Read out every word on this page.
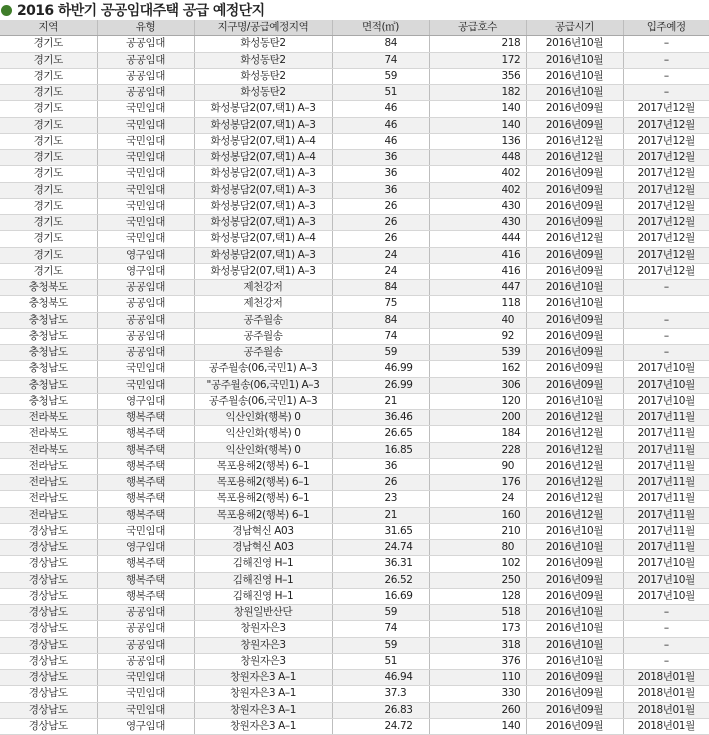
2016 하반기 공공임대주택 공급 예정단지
지역	유형	지구명/공급예정지역	면적(㎡)	공급호수	공급시기	입주예정
경기도	공공임대	화성동탄2	84	218	2016년10월	–
경기도	공공임대	화성동탄2	74	172	2016년10월	–
경기도	공공임대	화성동탄2	59	356	2016년10월	–
경기도	공공임대	화성동탄2	51	182	2016년10월	–
경기도	국민임대	화성봉담2(07,택1) A–3	46	140	2016년09월	2017년12월
경기도	국민임대	화성봉담2(07,택1) A–3	46	140	2016년09월	2017년12월
경기도	국민임대	화성봉담2(07,택1) A–4	46	136	2016년12월	2017년12월
경기도	국민임대	화성봉담2(07,택1) A–4	36	448	2016년12월	2017년12월
경기도	국민임대	화성봉담2(07,택1) A–3	36	402	2016년09월	2017년12월
경기도	국민임대	화성봉담2(07,택1) A–3	36	402	2016년09월	2017년12월
경기도	국민임대	화성봉담2(07,택1) A–3	26	430	2016년09월	2017년12월
경기도	국민임대	화성봉담2(07,택1) A–3	26	430	2016년09월	2017년12월
경기도	국민임대	화성봉담2(07,택1) A–4	26	444	2016년12월	2017년12월
경기도	영구임대	화성봉담2(07,택1) A–3	24	416	2016년09월	2017년12월
경기도	영구임대	화성봉담2(07,택1) A–3	24	416	2016년09월	2017년12월
충청북도	공공임대	제천강저	84	447	2016년10월	–
충청북도	공공임대	제천강저	75	118	2016년10월	
충청남도	공공임대	공주월송	84	40	2016년09월	–
충청남도	공공임대	공주월송	74	92	2016년09월	–
충청남도	공공임대	공주월송	59	539	2016년09월	–
충청남도	국민임대	공주월송(06,국민1) A–3	46.99	162	2016년09월	2017년10월
충청남도	국민임대	"공주월송(06,국민1) A–3	26.99	306	2016년09월	2017년10월
충청남도	영구임대	공주월송(06,국민1) A–3	21	120	2016년10월	2017년10월
전라북도	행복주택	익산인화(행복) 0	36.46	200	2016년12월	2017년11월
전라북도	행복주택	익산인화(행복) 0	26.65	184	2016년12월	2017년11월
전라북도	행복주택	익산인화(행복) 0	16.85	228	2016년12월	2017년11월
전라남도	행복주택	목포용해2(행복) 6–1	36	90	2016년12월	2017년11월
전라남도	행복주택	목포용해2(행복) 6–1	26	176	2016년12월	2017년11월
전라남도	행복주택	목포용해2(행복) 6–1	23	24	2016년12월	2017년11월
전라남도	행복주택	목포용해2(행복) 6–1	21	160	2016년12월	2017년11월
경상남도	국민임대	경남혁신 A03	31.65	210	2016년10월	2017년11월
경상남도	영구임대	경남혁신 A03	24.74	80	2016년10월	2017년11월
경상남도	행복주택	김해진영 H–1	36.31	102	2016년09월	2017년10월
경상남도	행복주택	김해진영 H–1	26.52	250	2016년09월	2017년10월
경상남도	행복주택	김해진영 H–1	16.69	128	2016년09월	2017년10월
경상남도	공공임대	창원일반산단	59	518	2016년10월	–
경상남도	공공임대	창원자은3	74	173	2016년10월	–
경상남도	공공임대	창원자은3	59	318	2016년10월	–
경상남도	공공임대	창원자은3	51	376	2016년10월	–
경상남도	국민임대	창원자은3 A–1	46.94	110	2016년09월	2018년01월
경상남도	국민임대	창원자은3 A–1	37.3	330	2016년09월	2018년01월
경상남도	국민임대	창원자은3 A–1	26.83	260	2016년09월	2018년01월
경상남도	영구임대	창원자은3 A–1	24.72	140	2016년09월	2018년01월
